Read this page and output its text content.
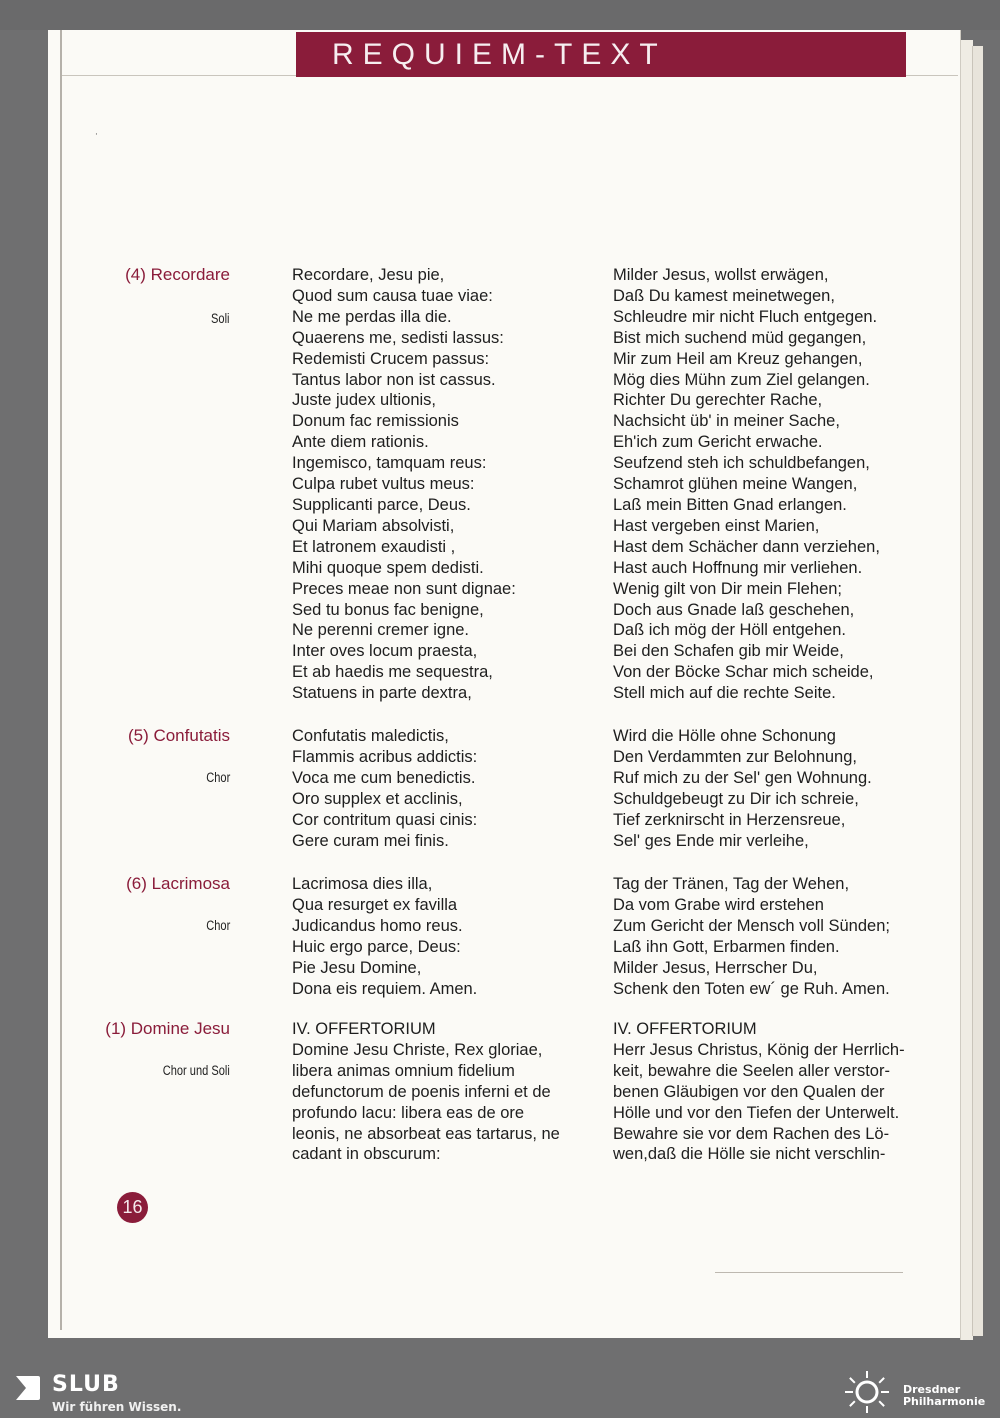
REQUIEM-TEXT
·
(4) Recordare
Soli
Recordare, Jesu pie,
Quod sum causa tuae viae:
Ne me perdas illa die.
Quaerens me, sedisti lassus:
Redemisti Crucem passus:
Tantus labor non ist cassus.
Juste judex ultionis,
Donum fac remissionis
Ante diem rationis.
Ingemisco, tamquam reus:
Culpa rubet vultus meus:
Supplicanti parce, Deus.
Qui Mariam absolvisti,
Et latronem exaudisti ,
Mihi quoque spem dedisti.
Preces meae non sunt dignae:
Sed tu bonus fac benigne,
Ne perenni cremer igne.
Inter oves locum praesta,
Et ab haedis me sequestra,
Statuens in parte dextra,
Milder Jesus, wollst erwägen,
Daß Du kamest meinetwegen,
Schleudre mir nicht Fluch entgegen.
Bist mich suchend müd gegangen,
Mir zum Heil am Kreuz gehangen,
Mög dies Mühn zum Ziel gelangen.
Richter Du gerechter Rache,
Nachsicht üb' in meiner Sache,
Eh'ich zum Gericht erwache.
Seufzend steh ich schuldbefangen,
Schamrot glühen meine Wangen,
Laß mein Bitten Gnad erlangen.
Hast vergeben einst Marien,
Hast dem Schächer dann verziehen,
Hast auch Hoffnung mir verliehen.
Wenig gilt von Dir mein Flehen;
Doch aus Gnade laß geschehen,
Daß ich mög der Höll entgehen.
Bei den Schafen gib mir Weide,
Von der Böcke Schar mich scheide,
Stell mich auf die rechte Seite.
(5) Confutatis
Chor
Confutatis maledictis,
Flammis acribus addictis:
Voca me cum benedictis.
Oro supplex et acclinis,
Cor contritum quasi cinis:
Gere curam mei finis.
Wird die Hölle ohne Schonung
Den Verdammten zur Belohnung,
Ruf mich zu der Sel' gen Wohnung.
Schuldgebeugt zu Dir ich schreie,
Tief zerknirscht in Herzensreue,
Sel' ges Ende mir verleihe,
(6) Lacrimosa
Chor
Lacrimosa dies illa,
Qua resurget ex favilla
Judicandus homo reus.
Huic ergo parce, Deus:
Pie Jesu Domine,
Dona eis requiem. Amen.
Tag der Tränen, Tag der Wehen,
Da vom Grabe wird erstehen
Zum Gericht der Mensch voll Sünden;
Laß ihn Gott, Erbarmen finden.
Milder Jesus, Herrscher Du,
Schenk den Toten ew´ ge Ruh. Amen.
(1) Domine Jesu
Chor und Soli
IV. OFFERTORIUM
Domine Jesu Christe, Rex gloriae,
libera animas omnium fidelium
defunctorum de poenis inferni et de
profundo lacu: libera eas de ore
leonis, ne absorbeat eas tartarus, ne
cadant in obscurum:
IV. OFFERTORIUM
Herr Jesus Christus, König der Herrlich-
keit, bewahre die Seelen aller verstor-
benen Gläubigen vor den Qualen der
Hölle und vor den Tiefen der Unterwelt.
Bewahre sie vor dem Rachen des Lö-
wen,daß die Hölle sie nicht verschlin-
16
SLUB
Wir führen Wissen.
Dresdner
Philharmonie
